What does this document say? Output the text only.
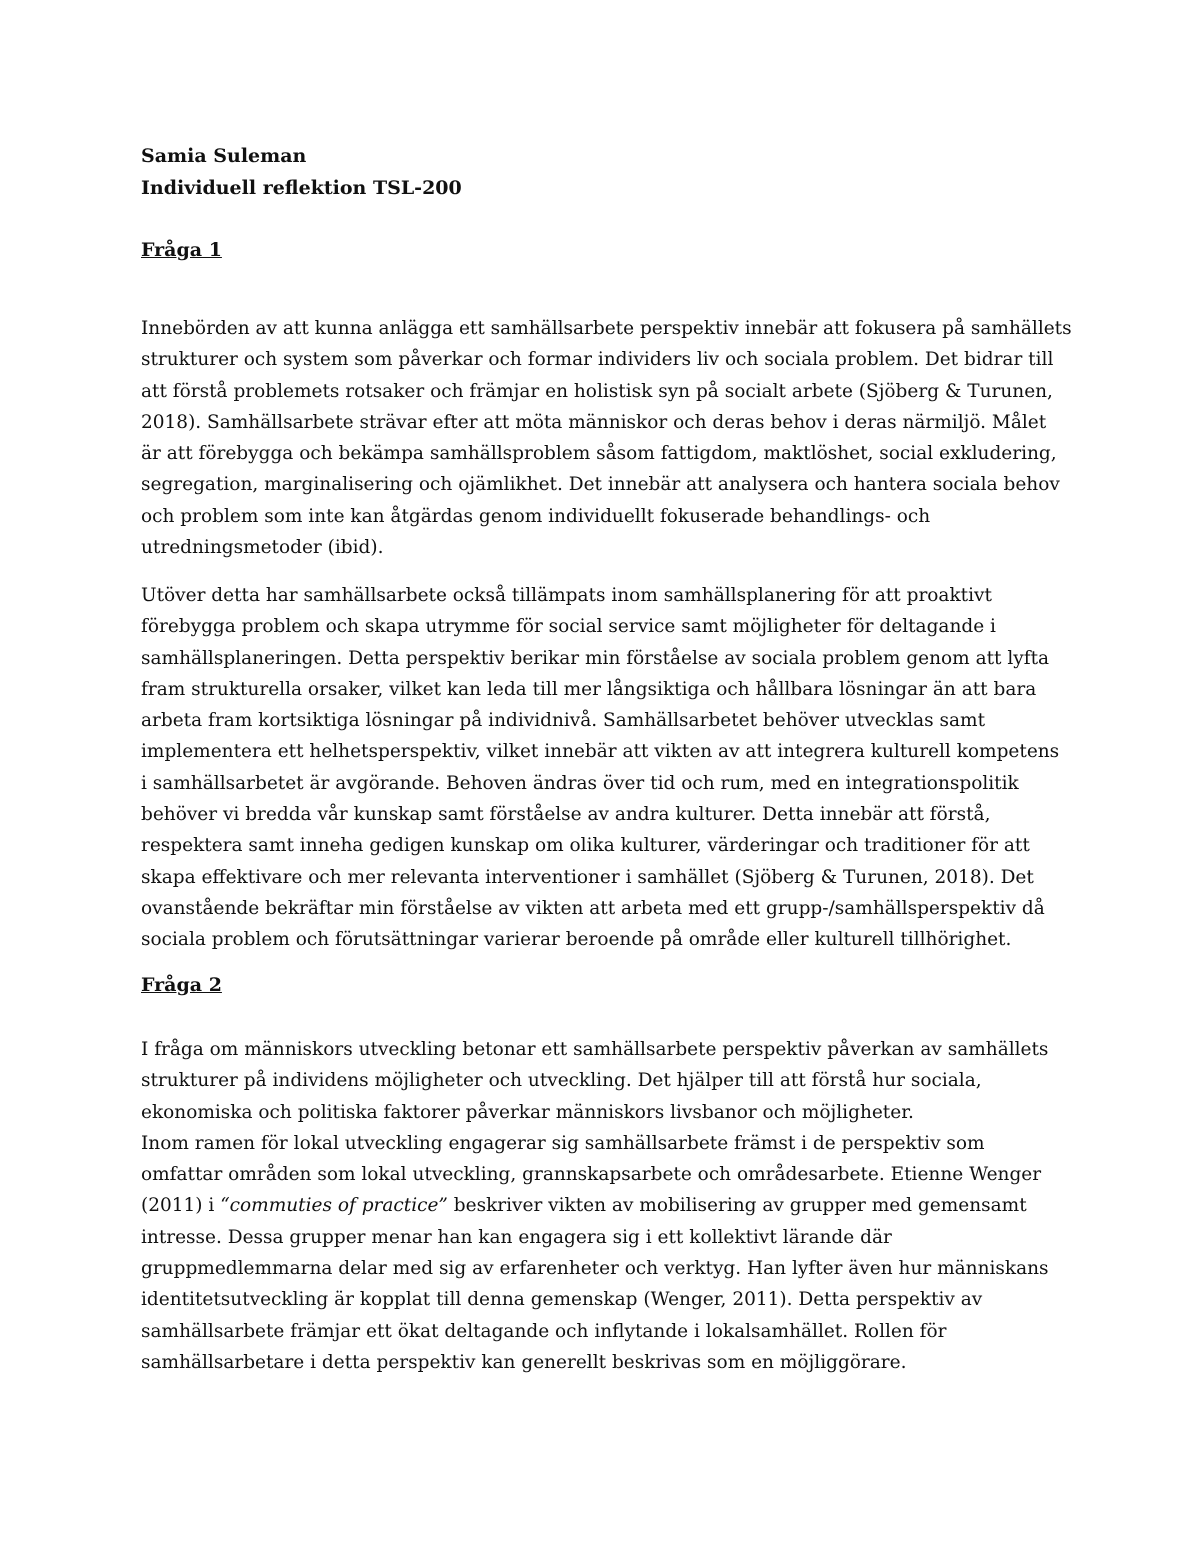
Samia Suleman
Individuell reflektion TSL-200
Fråga 1
Innebörden av att kunna anlägga ett samhällsarbete perspektiv innebär att fokusera på samhällets
strukturer och system som påverkar och formar individers liv och sociala problem. Det bidrar till
att förstå problemets rotsaker och främjar en holistisk syn på socialt arbete (Sjöberg & Turunen,
2018). Samhällsarbete strävar efter att möta människor och deras behov i deras närmiljö. Målet
är att förebygga och bekämpa samhällsproblem såsom fattigdom, maktlöshet, social exkludering,
segregation, marginalisering och ojämlikhet. Det innebär att analysera och hantera sociala behov
och problem som inte kan åtgärdas genom individuellt fokuserade behandlings- och
utredningsmetoder (ibid).
Utöver detta har samhällsarbete också tillämpats inom samhällsplanering för att proaktivt
förebygga problem och skapa utrymme för social service samt möjligheter för deltagande i
samhällsplaneringen. Detta perspektiv berikar min förståelse av sociala problem genom att lyfta
fram strukturella orsaker, vilket kan leda till mer långsiktiga och hållbara lösningar än att bara
arbeta fram kortsiktiga lösningar på individnivå. Samhällsarbetet behöver utvecklas samt
implementera ett helhetsperspektiv, vilket innebär att vikten av att integrera kulturell kompetens
i samhällsarbetet är avgörande. Behoven ändras över tid och rum, med en integrationspolitik
behöver vi bredda vår kunskap samt förståelse av andra kulturer. Detta innebär att förstå,
respektera samt inneha gedigen kunskap om olika kulturer, värderingar och traditioner för att
skapa effektivare och mer relevanta interventioner i samhället (Sjöberg & Turunen, 2018). Det
ovanstående bekräftar min förståelse av vikten att arbeta med ett grupp-/samhällsperspektiv då
sociala problem och förutsättningar varierar beroende på område eller kulturell tillhörighet.
Fråga 2
I fråga om människors utveckling betonar ett samhällsarbete perspektiv påverkan av samhällets
strukturer på individens möjligheter och utveckling. Det hjälper till att förstå hur sociala,
ekonomiska och politiska faktorer påverkar människors livsbanor och möjligheter.
Inom ramen för lokal utveckling engagerar sig samhällsarbete främst i de perspektiv som
omfattar områden som lokal utveckling, grannskapsarbete och områdesarbete. Etienne Wenger
(2011) i “commuties of practice” beskriver vikten av mobilisering av grupper med gemensamt
intresse. Dessa grupper menar han kan engagera sig i ett kollektivt lärande där
gruppmedlemmarna delar med sig av erfarenheter och verktyg. Han lyfter även hur människans
identitetsutveckling är kopplat till denna gemenskap (Wenger, 2011). Detta perspektiv av
samhällsarbete främjar ett ökat deltagande och inflytande i lokalsamhället. Rollen för
samhällsarbetare i detta perspektiv kan generellt beskrivas som en möjliggörare.
